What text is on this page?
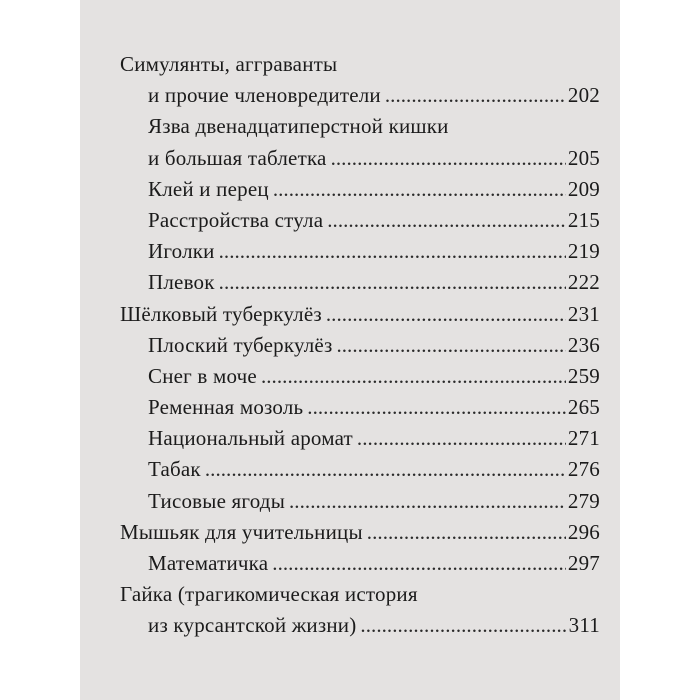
Симулянты, агграванты
и прочие членовредители . . .	202
Язва двенадцатиперстной кишки
и большая таблетка . . .	205
Клей и перец . . .	209
Расстройства стула . . .	215
Иголки . . .	219
Плевок . . .	222
Шёлковый туберкулёз . . .	231
Плоский туберкулёз . . .	236
Снег в моче . . .	259
Ременная мозоль . . .	265
Национальный аромат . . .	271
Табак . . .	276
Тисовые ягоды . . .	279
Мышьяк для учительницы . . .	296
Математичка . . .	297
Гайка (трагикомическая история
из курсантской жизни) . . .	311
